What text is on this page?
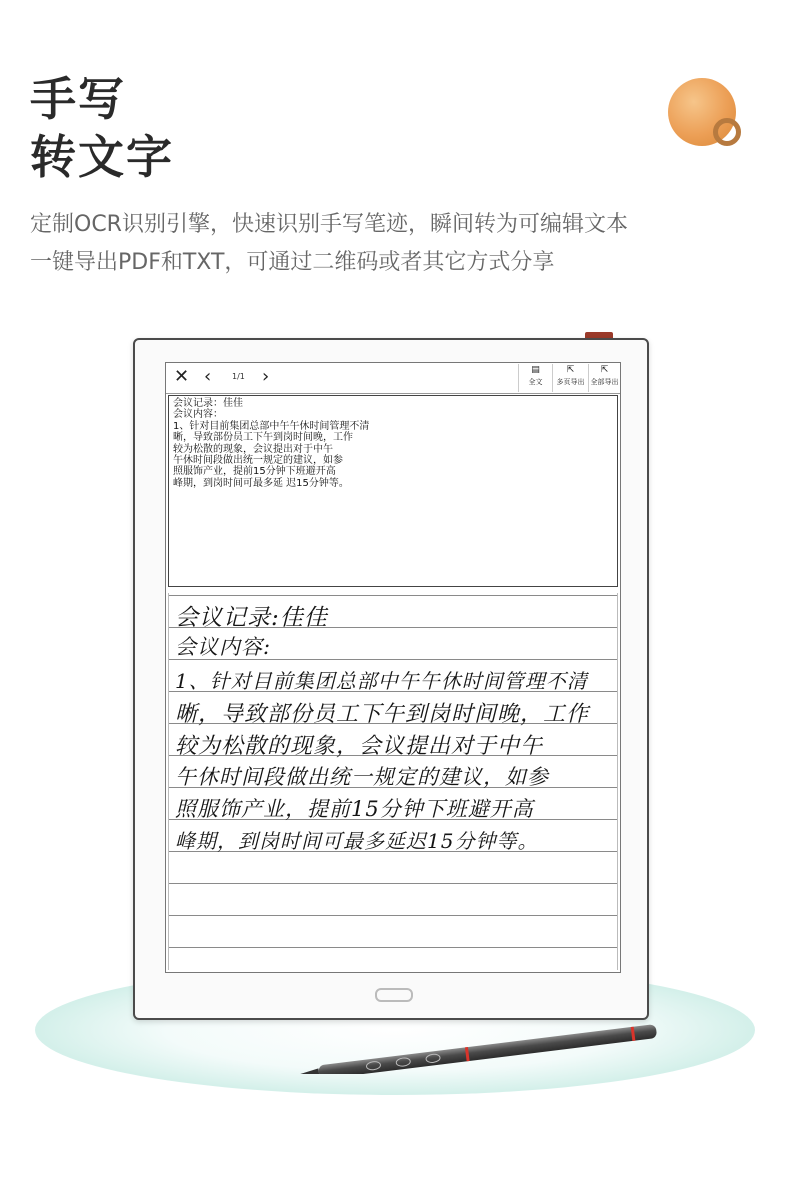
手写
转文字
定制OCR识别引擎，快速识别手写笔迹，瞬间转为可编辑文本
一键导出PDF和TXT，可通过二维码或者其它方式分享
✕ ‹	1/1 ›	▤
全文
⇱
多页导出
⇱
全部导出
会议记录：佳佳
会议内容：
1、针对目前集团总部中午午休时间管理不清
晰，导致部份员工下午到岗时间晚，工作
较为松散的现象，会议提出对于中午
午休时间段做出统一规定的建议，如参
照服饰产业，提前15分钟下班避开高
峰期，到岗时间可最多延 迟15分钟等。
会议记录:佳佳
会议内容:
1、针对目前集团总部中午午休时间管理不清
晰，导致部份员工下午到岗时间晚，工作
较为松散的现象，会议提出对于中午
午休时间段做出统一规定的建议，如参
照服饰产业，提前15分钟下班避开高
峰期，到岗时间可最多延迟15分钟等。
